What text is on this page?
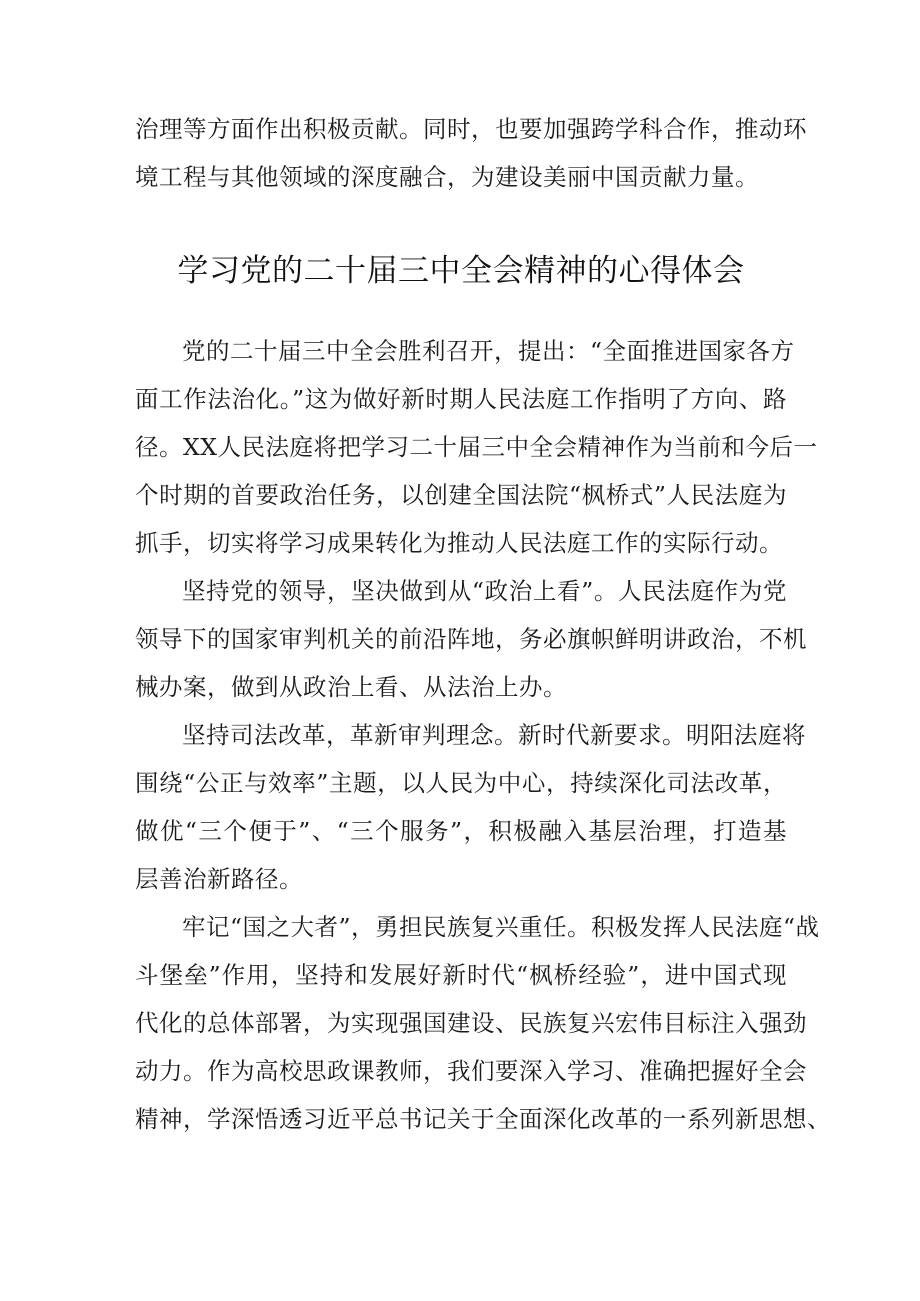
治理等方面作出积极贡献。同时，也要加强跨学科合作，推动环
境工程与其他领域的深度融合，为建设美丽中国贡献力量。
学习党的二十届三中全会精神的心得体会
党的二十届三中全会胜利召开，提出：“全面推进国家各方
面工作法治化。”这为做好新时期人民法庭工作指明了方向、路
径。XX人民法庭将把学习二十届三中全会精神作为当前和今后一
个时期的首要政治任务，以创建全国法院“枫桥式”人民法庭为
抓手，切实将学习成果转化为推动人民法庭工作的实际行动。
坚持党的领导，坚决做到从“政治上看”。人民法庭作为党
领导下的国家审判机关的前沿阵地，务必旗帜鲜明讲政治，不机
械办案，做到从政治上看、从法治上办。
坚持司法改革，革新审判理念。新时代新要求。明阳法庭将
围绕“公正与效率”主题，以人民为中心，持续深化司法改革，
做优“三个便于”、“三个服务”，积极融入基层治理，打造基
层善治新路径。
牢记“国之大者”，勇担民族复兴重任。积极发挥人民法庭“战
斗堡垒”作用，坚持和发展好新时代“枫桥经验”，进中国式现
代化的总体部署，为实现强国建设、民族复兴宏伟目标注入强劲
动力。作为高校思政课教师，我们要深入学习、准确把握好全会
精神，学深悟透习近平总书记关于全面深化改革的一系列新思想、
